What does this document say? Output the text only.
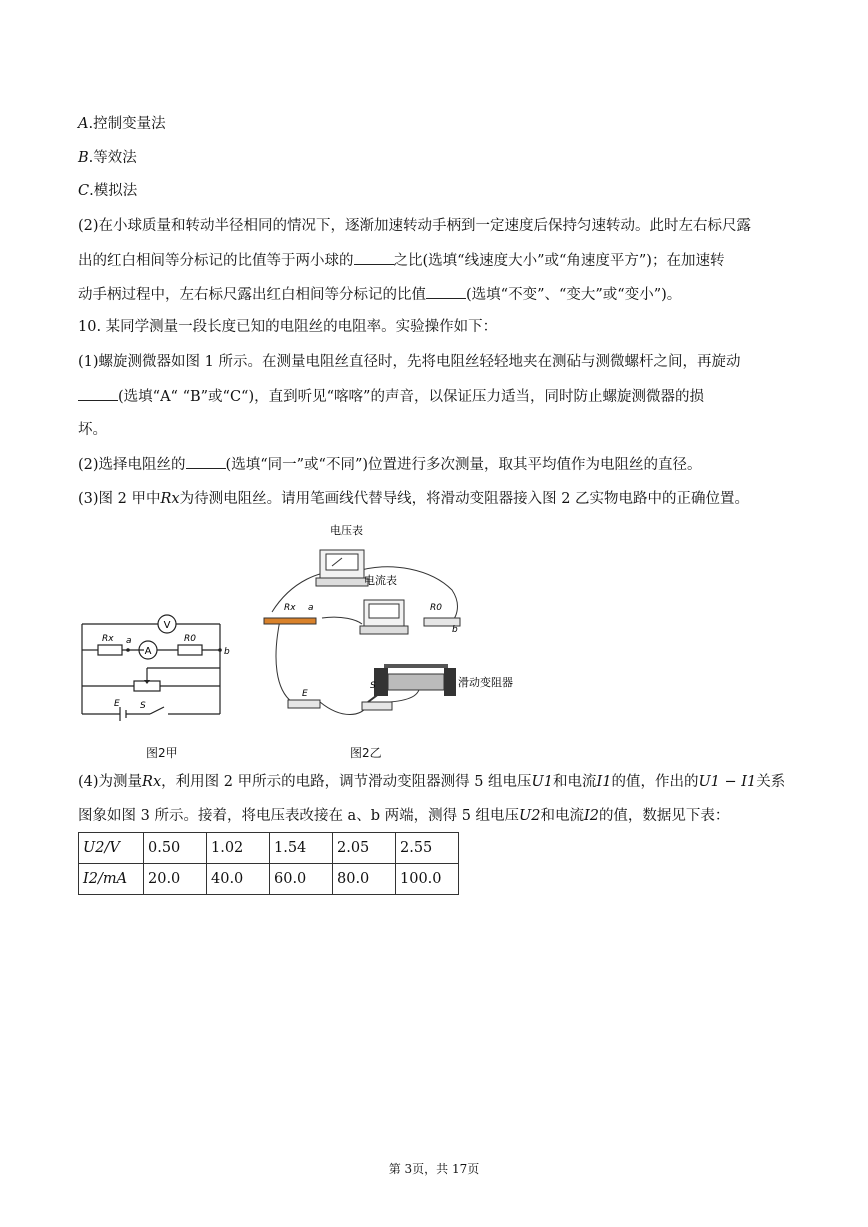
A.控制变量法
B.等效法
C.模拟法
(2)在小球质量和转动半径相同的情况下，逐渐加速转动手柄到一定速度后保持匀速转动。此时左右标尺露
出的红白相间等分标记的比值等于两小球的	之比(选填“线速度大小”或“角速度平方”)；在加速转
动手柄过程中，左右标尺露出红白相间等分标记的比值	(选填“不变”、“变大”或“变小”)。
10. 某同学测量一段长度已知的电阻丝的电阻率。实验操作如下：
(1)螺旋测微器如图 1 所示。在测量电阻丝直径时，先将电阻丝轻轻地夹在测砧与测微螺杆之间，再旋动
(选填“A“ “B”或“C“)，直到听见“喀喀”的声音，以保证压力适当，同时防止螺旋测微器的损
坏。
(2)选择电阻丝的	(选填“同一”或“不同”)位置进行多次测量，取其平均值作为电阻丝的直径。
(3)图 2 甲中Rx为待测电阻丝。请用笔画线代替导线，将滑动变阻器接入图 2 乙实物电路中的正确位置。
V
A
Rx a	R0
b
E S
图2甲
电压表
电流表
Rx a	R0
b
滑动变阻器
E
S
图2乙
(4)为测量Rx，利用图 2 甲所示的电路，调节滑动变阻器测得 5 组电压U1和电流I1的值，作出的U1 − I1关系
图象如图 3 所示。接着，将电压表改接在 a、b 两端，测得 5 组电压U2和电流I2的值，数据见下表：
U2/V	0.50	1.02	1.54	2.05	2.55
I2/mA	20.0	40.0	60.0	80.0	100.0
第 3页，共 17页
